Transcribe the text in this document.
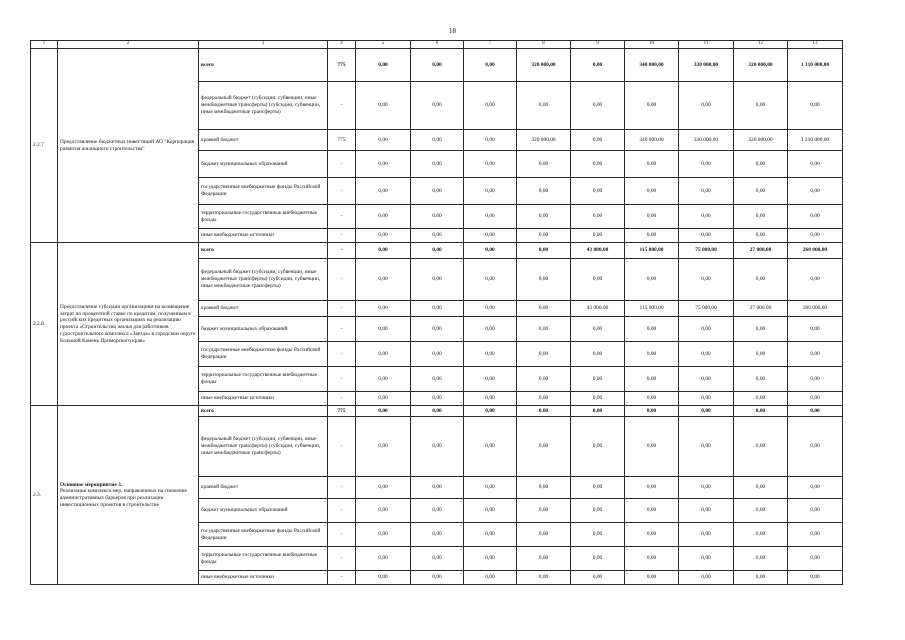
18
1	2	3	4	5	6	7	8	9	10	11	12	13
2.2.7	Предоставление бюджетных инвестиций АО "Корпорация развития жилищного строительства"	всего	775	0,00	0,00	0,00	320 000,00	0,00	340 000,00	330 000,00	320 000,00	1 310 000,00
		федеральный бюджет (субсидии, субвенции, иные межбюджетные трансферты) (субсидии, субвенции, иные межбюджетные трансферты)	-	0,00	0,00	0,00	0,00	0,00	0,00	0,00	0,00	0,00
		краевой бюджет	775	0,00	0,00	0,00	320 000,00	0,00	340 000,00	330 000,00	320 000,00	1 310 000,00
		бюджет муниципальных образований	-	0,00	0,00	0,00	0,00	0,00	0,00	0,00	0,00	0,00
		государственные внебюджетные фонды Российской Федерации	-	0,00	0,00	0,00	0,00	0,00	0,00	0,00	0,00	0,00
		территориальные государственные внебюджетные фонды	-	0,00	0,00	0,00	0,00	0,00	0,00	0,00	0,00	0,00
		иные внебюджетные источники	-	0,00	0,00	0,00	0,00	0,00	0,00	0,00	0,00	0,00
2.2.8.	Предоставление субсидии организациям на возмещение затрат по процентной ставке по кредитам, полученным в российских кредитных организациях на реализацию проекта «Строительство жилья для работников судостроительного комплекса «Звезда» в городском округе Большой Камень Приморского края»	всего	-	0,00	0,00	0,00	0,00	43 000,00	115 000,00	75 000,00	27 000,00	260 000,00
		федеральный бюджет (субсидии, субвенции, иные межбюджетные трансферты) (субсидии, субвенции, иные межбюджетные трансферты)	-	0,00	0,00	0,00	0,00	0,00	0,00	0,00	0,00	0,00
		краевой бюджет	-	0,00	0,00	0,00	0,00	43 000,00	115 000,00	75 000,00	27 000,00	260 000,00
		бюджет муниципальных образований	-	0,00	0,00	0,00	0,00	0,00	0,00	0,00	0,00	0,00
		государственные внебюджетные фонды Российской Федерации	-	0,00	0,00	0,00	0,00	0,00	0,00	0,00	0,00	0,00
		территориальные государственные внебюджетные фонды	-	0,00	0,00	0,00	0,00	0,00	0,00	0,00	0,00	0,00
		иные внебюджетные источники	-	0,00	0,00	0,00	0,00	0,00	0,00	0,00	0,00	0,00
2.3.	Основное мероприятие 3.
Реализация комплекса мер, направленных на снижение административных барьеров при реализации инвестиционных проектов в строительстве	всего	775	0,00	0,00	0,00	0,00	0,00	0,00	0,00	0,00	0,00
		федеральный бюджет (субсидии, субвенции, иные межбюджетные трансферты) (субсидии, субвенции, иные межбюджетные трансферты)	-	0,00	0,00	0,00	0,00	0,00	0,00	0,00	0,00	0,00
		краевой бюджет	-	0,00	0,00	0,00	0,00	0,00	0,00	0,00	0,00	0,00
		бюджет муниципальных образований	-	0,00	0,00	0,00	0,00	0,00	0,00	0,00	0,00	0,00
		государственные внебюджетные фонды Российской Федерации	-	0,00	0,00	0,00	0,00	0,00	0,00	0,00	0,00	0,00
		территориальные государственные внебюджетные фонды	-	0,00	0,00	0,00	0,00	0,00	0,00	0,00	0,00	0,00
		иные внебюджетные источники	-	0,00	0,00	0,00	0,00	0,00	0,00	0,00	0,00	0,00
